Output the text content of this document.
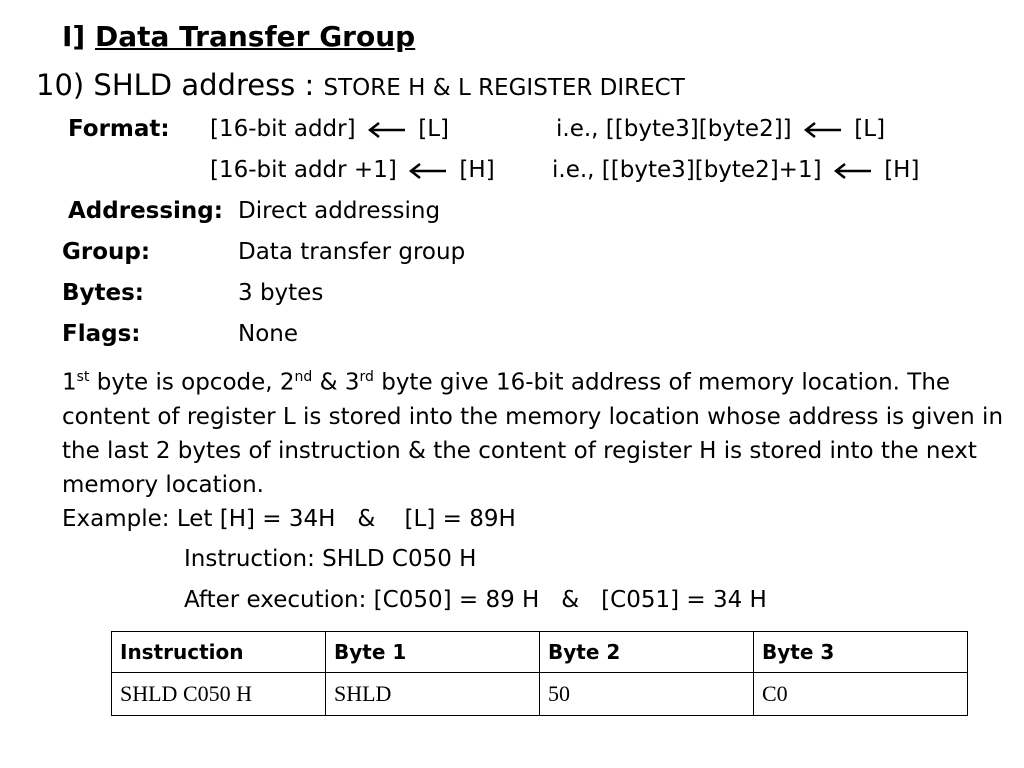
I] Data Transfer Group
10) SHLD address : STORE H & L REGISTER DIRECT
Format: [16-bit addr]	[L]	i.e., [[byte3][byte2]]	[L]
[16-bit addr +1]	[H] i.e., [[byte3][byte2]+1]	[H]
Addressing: Direct addressing
Group:	Data transfer group
Bytes:	3 bytes
Flags:	None
1st byte is opcode, 2nd & 3rd byte give 16-bit address of memory location. The content of register L is stored into the memory location whose address is given in the last 2 bytes of instruction & the content of register H is stored into the next memory location.
Example: Let [H] = 34H   &    [L] = 89H
Instruction: SHLD C050 H
After execution: [C050] = 89 H   &   [C051] = 34 H
Instruction	Byte 1	Byte 2	Byte 3
SHLD C050 H	SHLD	50	C0
